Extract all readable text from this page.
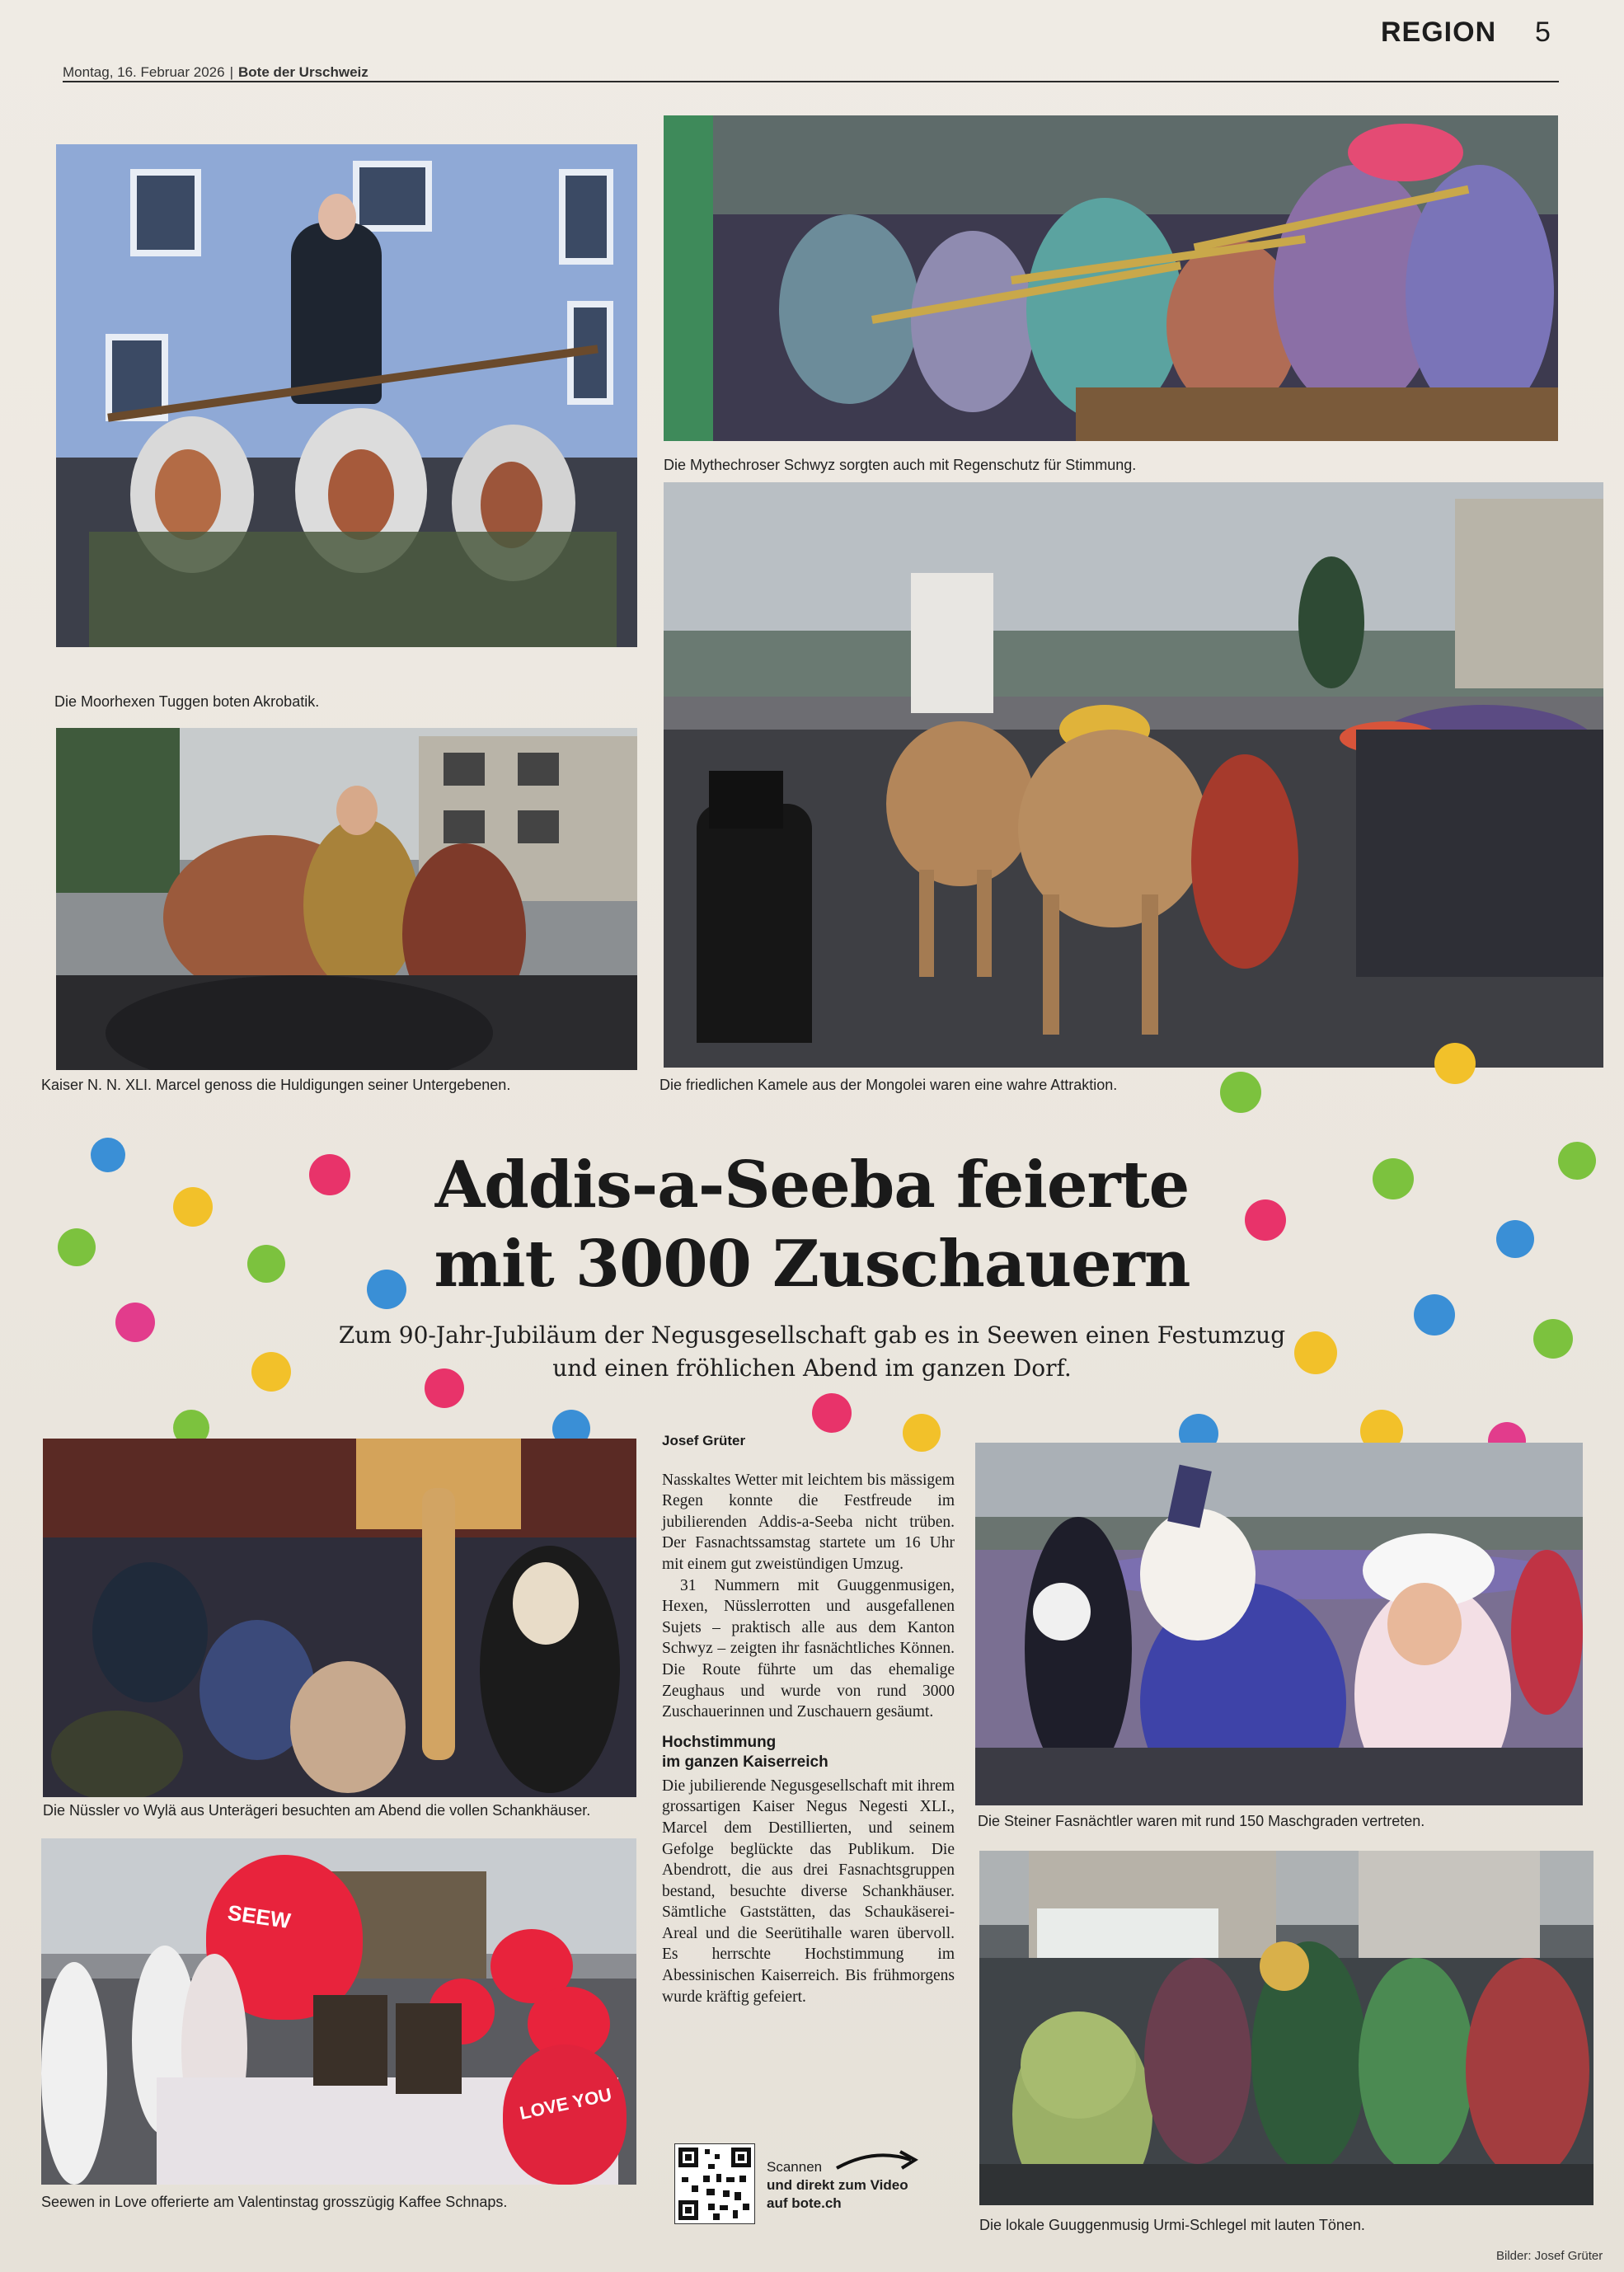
Montag, 16. Februar 2026 | Bote der Urschweiz
REGION 5
Die Moorhexen Tuggen boten Akrobatik.
Die Mythechroser Schwyz sorgten auch mit Regenschutz für Stimmung.
Kaiser N. N. XLI. Marcel genoss die Huldigungen seiner Untergebenen.	Die friedlichen Kamele aus der Mongolei waren eine wahre Attraktion.
Addis-a-Seeba feierte
mit 3000 Zuschauern
Zum 90-Jahr-Jubiläum der Negusgesellschaft gab es in Seewen einen Festumzug und einen fröhlichen Abend im ganzen Dorf.
Die Nüssler vo Wylä aus Unterägeri besuchten am Abend die vollen Schankhäuser.
SEEW
LOVE YOU
Seewen in Love offerierte am Valentinstag grosszügig Kaffee Schnaps.
Josef Grüter

Nasskaltes Wetter mit leichtem bis mässigem Regen konnte die Festfreude im jubilierenden Addis-a-Seeba nicht trüben. Der Fasnachtssamstag startete um 16 Uhr mit einem gut zweistündigen Umzug.

31 Nummern mit Guuggenmusigen, Hexen, Nüsslerrotten und ausgefallenen Sujets – praktisch alle aus dem Kanton Schwyz – zeigten ihr fasnächtliches Können. Die Route führte um das ehemalige Zeughaus und wurde von rund 3000 Zuschauerinnen und Zuschauern gesäumt.

Hochstimmung
im ganzen Kaiserreich

Die jubilierende Negusgesellschaft mit ihrem grossartigen Kaiser Negus Negesti XLI., Marcel dem Destillierten, und seinem Gefolge beglückte das Publikum. Die Abendrott, die aus drei Fasnachtsgruppen bestand, besuchte diverse Schankhäuser. Sämtliche Gaststätten, das Schaukäserei-Areal und die Seerütihalle waren übervoll. Es herrschte Hochstimmung im Abessinischen Kaiserreich. Bis frühmorgens wurde kräftig gefeiert.

Scannen
und direkt zum Video
auf bote.ch
Die Steiner Fasnächtler waren mit rund 150 Maschgraden vertreten.
Die lokale Guuggenmusig Urmi-Schlegel mit lauten Tönen.
Bilder: Josef Grüter
